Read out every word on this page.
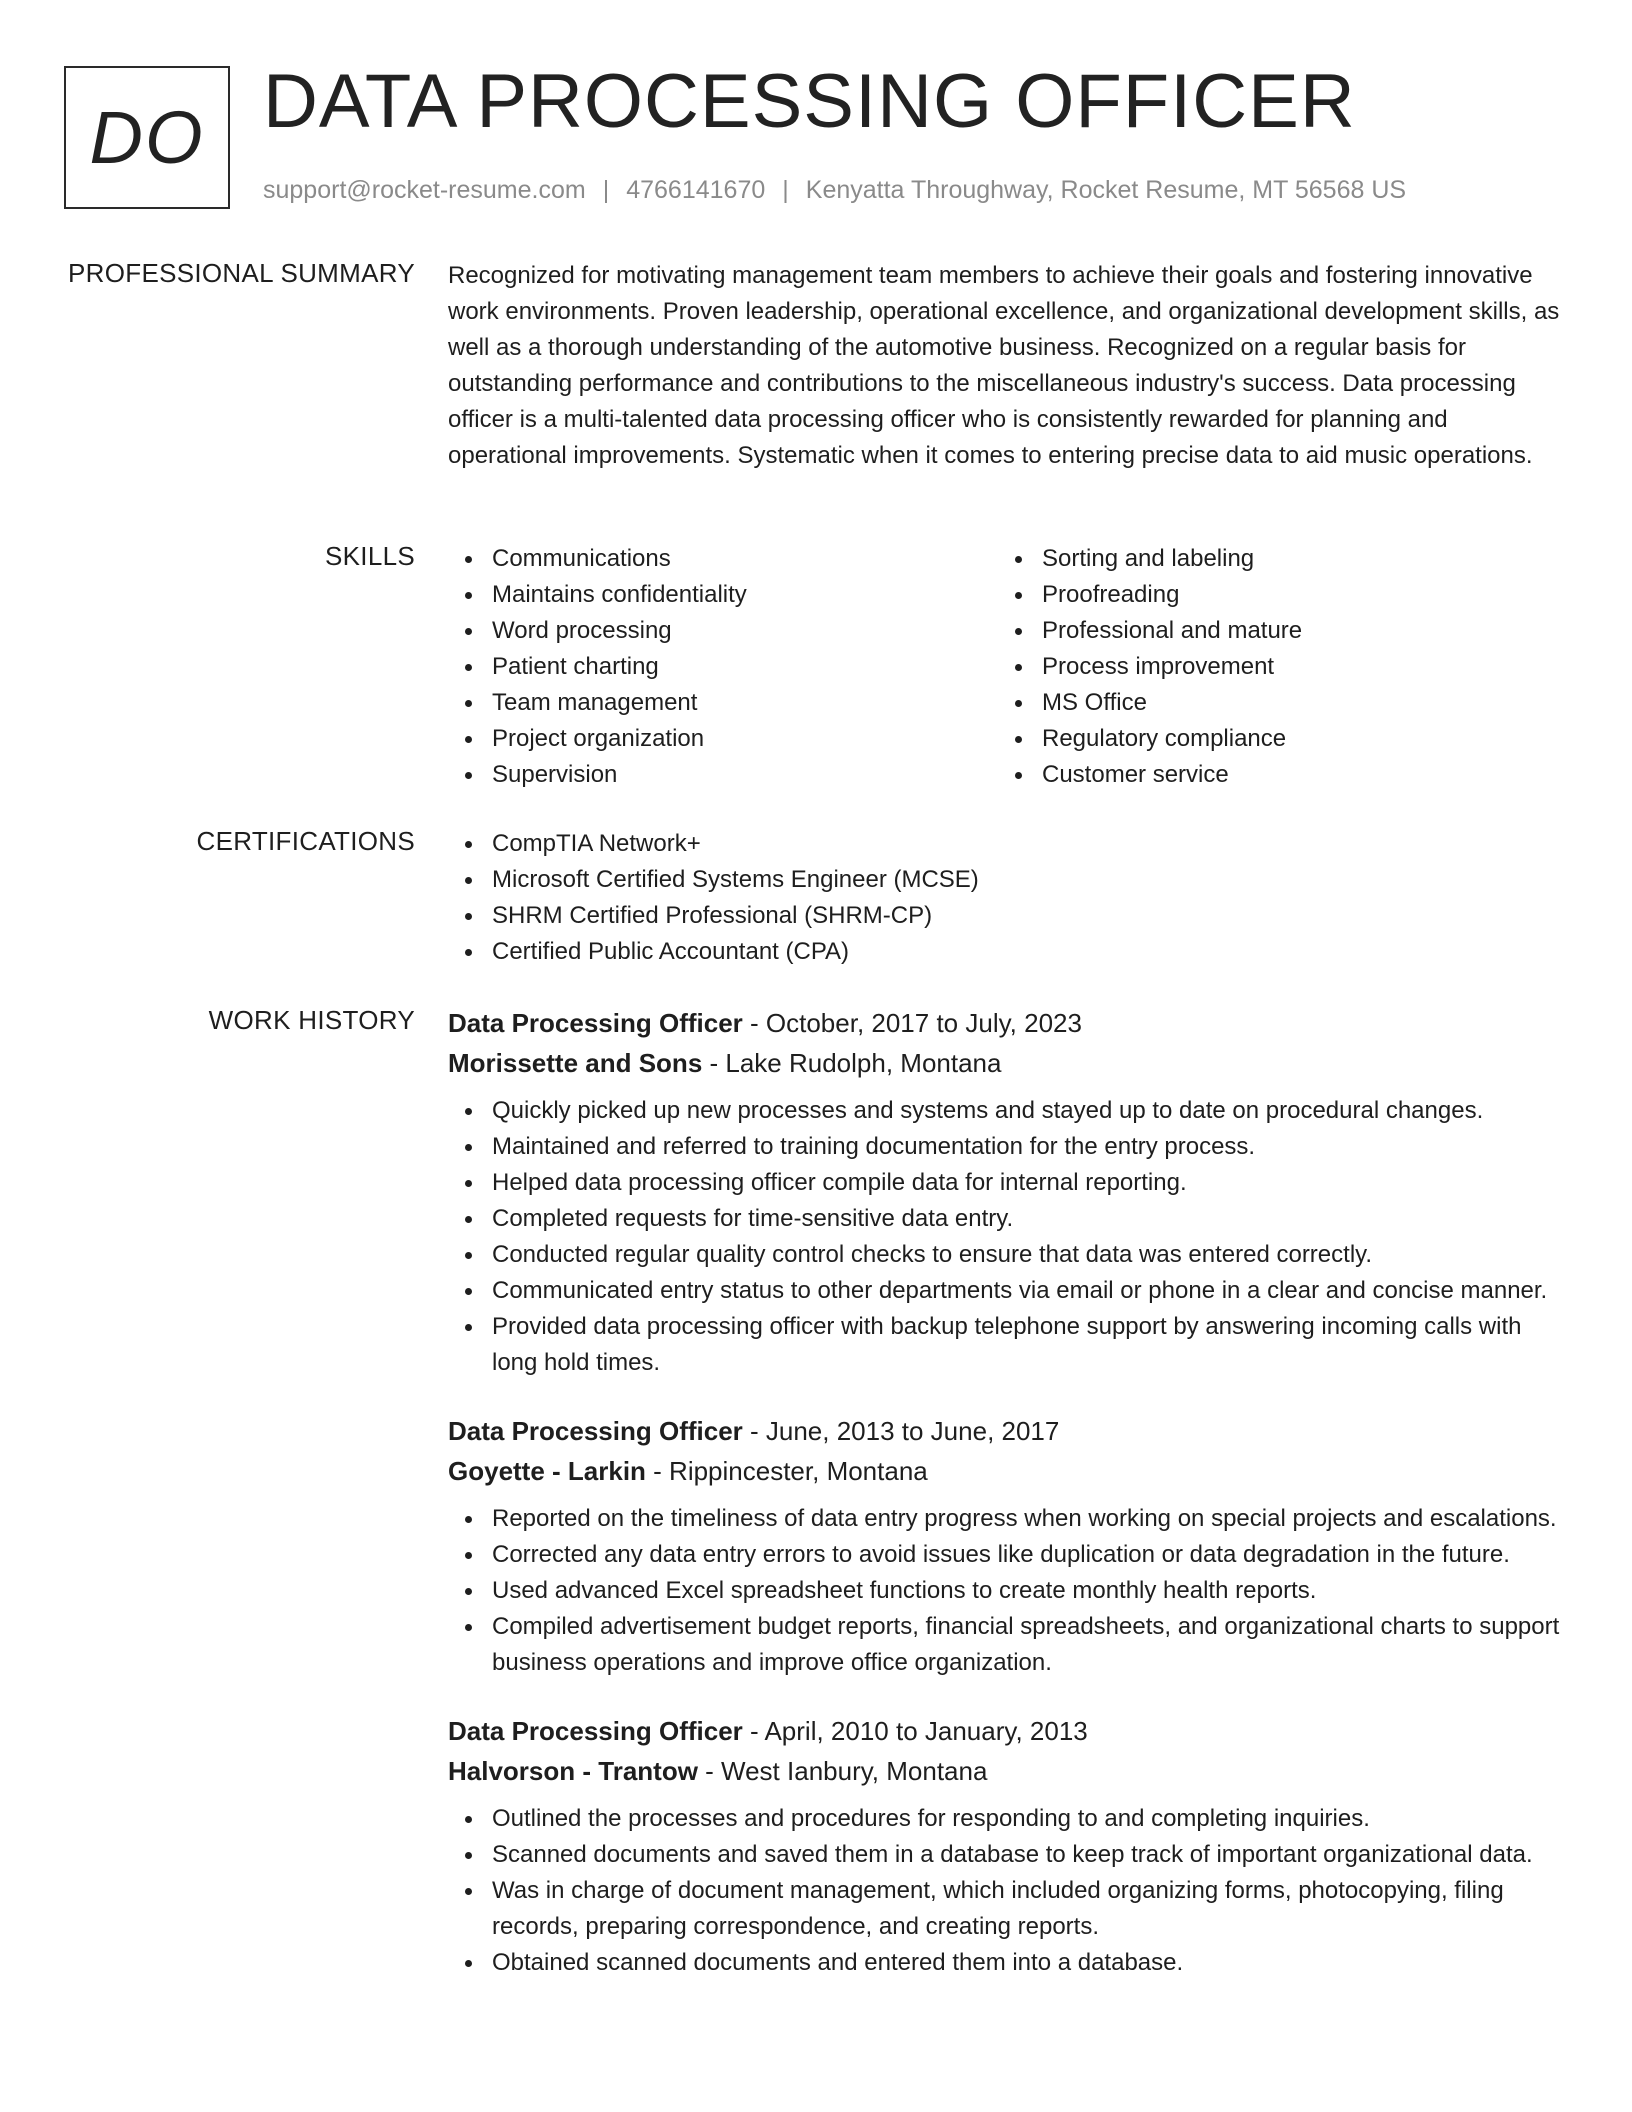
DO DATA PROCESSING OFFICER
support@rocket-resume.com | 4766141670 | Kenyatta Throughway, Rocket Resume, MT 56568 US
PROFESSIONAL SUMMARY Recognized for motivating management team members to achieve their goals and fostering innovative work environments. Proven leadership, operational excellence, and organizational development skills, as well as a thorough understanding of the automotive business. Recognized on a regular basis for outstanding performance and contributions to the miscellaneous industry's success. Data processing officer is a multi-talented data processing officer who is consistently rewarded for planning and operational improvements. Systematic when it comes to entering precise data to aid music operations.

SKILLS	Communications
Maintains confidentiality
Word processing
Patient charting
Team management
Project organization
Supervision
Sorting and labeling
Proofreading
Professional and mature
Process improvement
MS Office
Regulatory compliance
Customer service
CERTIFICATIONS	CompTIA Network+
Microsoft Certified Systems Engineer (MCSE)
SHRM Certified Professional (SHRM-CP)
Certified Public Accountant (CPA)
WORK HISTORY Data Processing Officer - October, 2017 to July, 2023
Morissette and Sons - Lake Rudolph, Montana
Quickly picked up new processes and systems and stayed up to date on procedural changes.
Maintained and referred to training documentation for the entry process.
Helped data processing officer compile data for internal reporting.
Completed requests for time-sensitive data entry.
Conducted regular quality control checks to ensure that data was entered correctly.
Communicated entry status to other departments via email or phone in a clear and concise manner.
Provided data processing officer with backup telephone support by answering incoming calls with long hold times.
Data Processing Officer - June, 2013 to June, 2017
Goyette - Larkin - Rippincester, Montana
Reported on the timeliness of data entry progress when working on special projects and escalations.
Corrected any data entry errors to avoid issues like duplication or data degradation in the future.
Used advanced Excel spreadsheet functions to create monthly health reports.
Compiled advertisement budget reports, financial spreadsheets, and organizational charts to support business operations and improve office organization.
Data Processing Officer - April, 2010 to January, 2013
Halvorson - Trantow - West Ianbury, Montana
Outlined the processes and procedures for responding to and completing inquiries.
Scanned documents and saved them in a database to keep track of important organizational data.
Was in charge of document management, which included organizing forms, photocopying, filing records, preparing correspondence, and creating reports.
Obtained scanned documents and entered them into a database.
